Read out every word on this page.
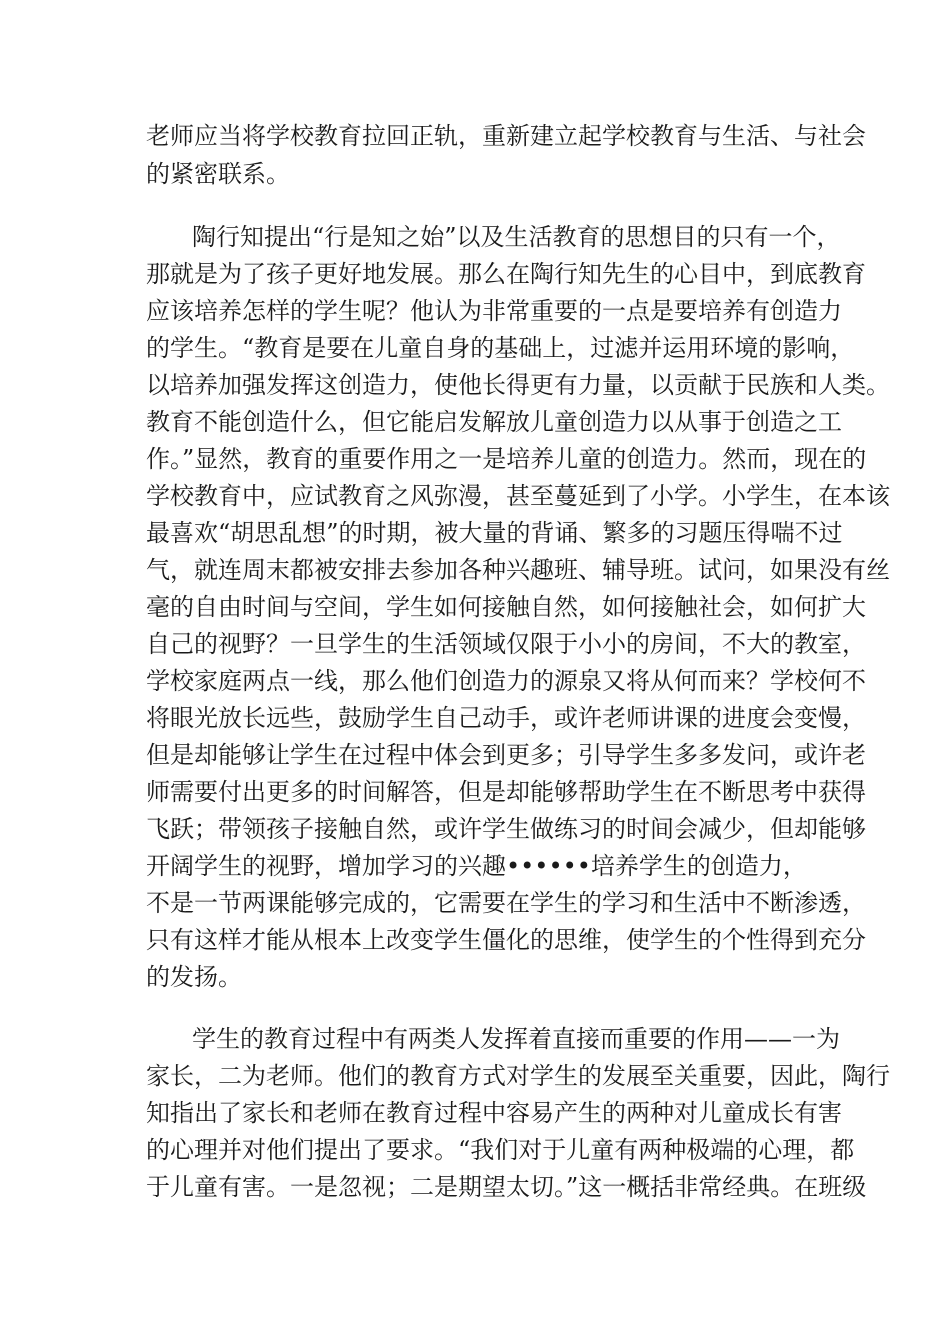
老师应当将学校教育拉回正轨，重新建立起学校教育与生活、与社会
的紧密联系。
陶行知提出“行是知之始”以及生活教育的思想目的只有一个，
那就是为了孩子更好地发展。那么在陶行知先生的心目中，到底教育
应该培养怎样的学生呢？他认为非常重要的一点是要培养有创造力
的学生。“教育是要在儿童自身的基础上，过滤并运用环境的影响，
以培养加强发挥这创造力，使他长得更有力量，以贡献于民族和人类。
教育不能创造什么，但它能启发解放儿童创造力以从事于创造之工
作。”显然，教育的重要作用之一是培养儿童的创造力。然而，现在的
学校教育中，应试教育之风弥漫，甚至蔓延到了小学。小学生，在本该
最喜欢“胡思乱想”的时期，被大量的背诵、繁多的习题压得喘不过
气，就连周末都被安排去参加各种兴趣班、辅导班。试问，如果没有丝
毫的自由时间与空间，学生如何接触自然，如何接触社会，如何扩大
自己的视野？一旦学生的生活领域仅限于小小的房间，不大的教室，
学校家庭两点一线，那么他们创造力的源泉又将从何而来？学校何不
将眼光放长远些，鼓励学生自己动手，或许老师讲课的进度会变慢，
但是却能够让学生在过程中体会到更多；引导学生多多发问，或许老
师需要付出更多的时间解答，但是却能够帮助学生在不断思考中获得
飞跃；带领孩子接触自然，或许学生做练习的时间会减少，但却能够
开阔学生的视野，增加学习的兴趣••••••培养学生的创造力，
不是一节两课能够完成的，它需要在学生的学习和生活中不断渗透，
只有这样才能从根本上改变学生僵化的思维，使学生的个性得到充分
的发扬。
学生的教育过程中有两类人发挥着直接而重要的作用——一为
家长，二为老师。他们的教育方式对学生的发展至关重要，因此，陶行
知指出了家长和老师在教育过程中容易产生的两种对儿童成长有害
的心理并对他们提出了要求。“我们对于儿童有两种极端的心理，都
于儿童有害。一是忽视；二是期望太切。”这一概括非常经典。在班级
